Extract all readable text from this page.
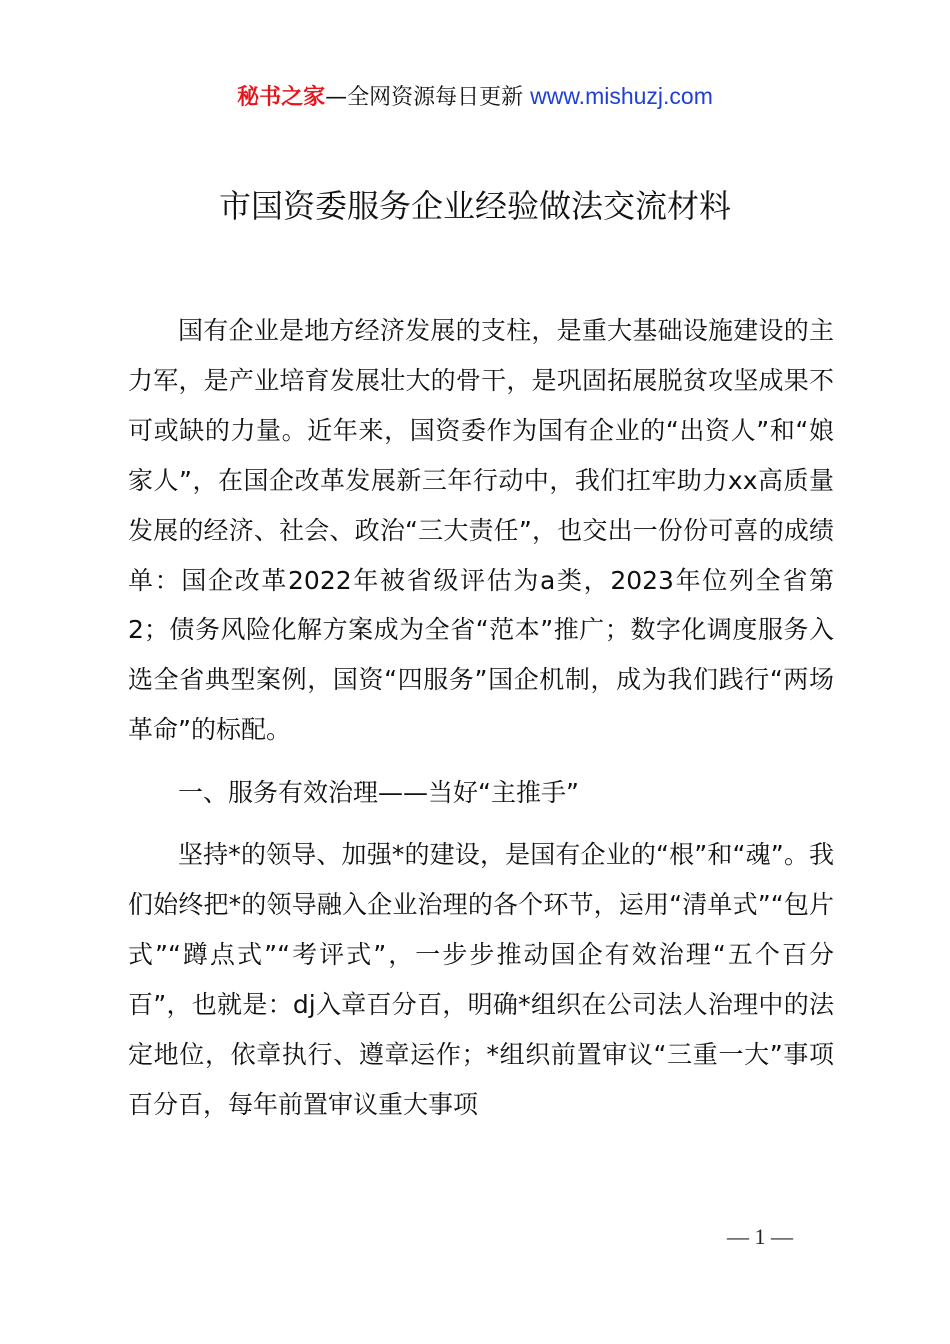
秘书之家—全网资源每日更新 www.mishuzj.com
市国资委服务企业经验做法交流材料

国有企业是地方经济发展的支柱，是重大基础设施建设的主力军，是产业培育发展壮大的骨干，是巩固拓展脱贫攻坚成果不可或缺的力量。近年来，国资委作为国有企业的“出资人”和“娘家人”，在国企改革发展新三年行动中，我们扛牢助力xx高质量发展的经济、社会、政治“三大责任”，也交出一份份可喜的成绩单：国企改革2022年被省级评估为a类，2023年位列全省第2；债务风险化解方案成为全省“范本”推广；数字化调度服务入选全省典型案例，国资“四服务”国企机制，成为我们践行“两场革命”的标配。

一、服务有效治理——当好“主推手”

坚持*的领导、加强*的建设，是国有企业的“根”和“魂”。我们始终把*的领导融入企业治理的各个环节，运用“清单式”“包片式”“蹲点式”“考评式”，一步步推动国企有效治理“五个百分百”，也就是：dj入章百分百，明确*组织在公司法人治理中的法定地位，依章执行、遵章运作；*组织前置审议“三重一大”事项百分百，每年前置审议重大事项

— 1 —
